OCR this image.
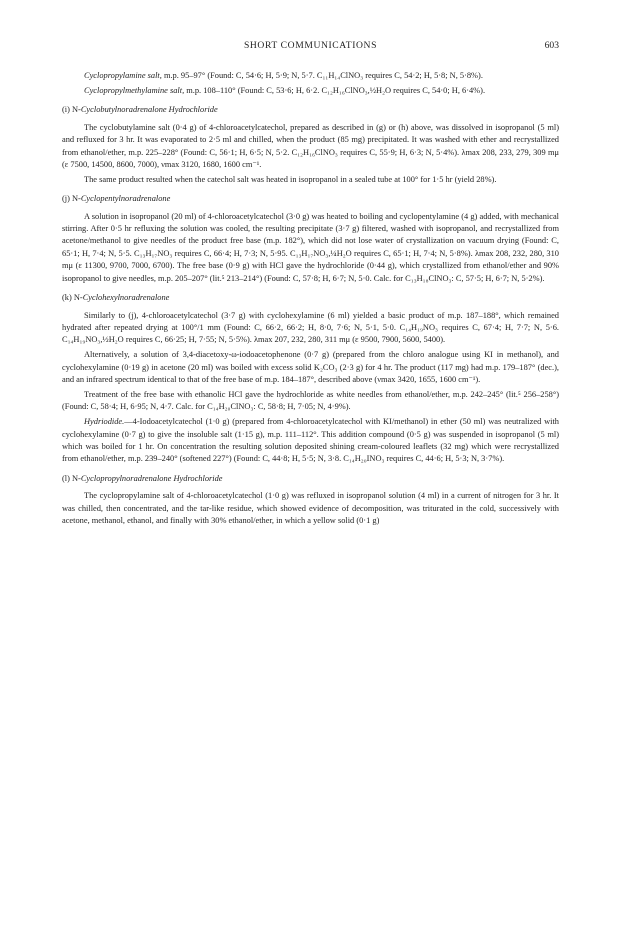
SHORT COMMUNICATIONS	603

Cyclopropylamine salt, m.p. 95–97° (Found: C, 54·6; H, 5·9; N, 5·7. C₁₁H₁₄ClNO₃ requires C, 54·2; H, 5·8; N, 5·8%).

Cyclopropylmethylamine salt, m.p. 108–110° (Found: C, 53·6; H, 6·2. C₁₂H₁₆ClNO₃,½H₂O requires C, 54·0; H, 6·4%).

(i) N-Cyclobutylnoradrenalone Hydrochloride

The cyclobutylamine salt (0·4 g) of 4-chloroacetylcatechol, prepared as described in (g) or (h) above, was dissolved in isopropanol (5 ml) and refluxed for 3 hr. It was evaporated to 2·5 ml and chilled, when the product (85 mg) precipitated. It was washed with ether and recrystallized from ethanol/ether, m.p. 225–228° (Found: C, 56·1; H, 6·5; N, 5·2. C₁₂H₁₆ClNO₃ requires C, 55·9; H, 6·3; N, 5·4%). λmax 208, 233, 279, 309 mμ (ε 7500, 14500, 8600, 7000), νmax 3120, 1680, 1600 cm⁻¹.

The same product resulted when the catechol salt was heated in isopropanol in a sealed tube at 100° for 1·5 hr (yield 28%).

(j) N-Cyclopentylnoradrenalone

A solution in isopropanol (20 ml) of 4-chloroacetylcatechol (3·0 g) was heated to boiling and cyclopentylamine (4 g) added, with mechanical stirring. After 0·5 hr refluxing the solution was cooled, the resulting precipitate (3·7 g) filtered, washed with isopropanol, and recrystallized from acetone/methanol to give needles of the product free base (m.p. 182°), which did not lose water of crystallization on vacuum drying (Found: C, 65·1; H, 7·4; N, 5·5. C₁₃H₁₇NO₃ requires C, 66·4; H, 7·3; N, 5·95. C₁₃H₁₇NO₃,¼H₂O requires C, 65·1; H, 7·4; N, 5·8%). λmax 208, 232, 280, 310 mμ (ε 11300, 9700, 7000, 6700). The free base (0·9 g) with HCl gave the hydrochloride (0·44 g), which crystallized from ethanol/ether and 90% isopropanol to give needles, m.p. 205–207° (lit.⁵ 213–214°) (Found: C, 57·8; H, 6·7; N, 5·0. Calc. for C₁₃H₁₈ClNO₃: C, 57·5; H, 6·7; N, 5·2%).

(k) N-Cyclohexylnoradrenalone

Similarly to (j), 4-chloroacetylcatechol (3·7 g) with cyclohexylamine (6 ml) yielded a basic product of m.p. 187–188°, which remained hydrated after repeated drying at 100°/1 mm (Found: C, 66·2, 66·2; H, 8·0, 7·6; N, 5·1, 5·0. C₁₄H₁₉NO₃ requires C, 67·4; H, 7·7; N, 5·6. C₁₄H₁₉NO₃,½H₂O requires C, 66·25; H, 7·55; N, 5·5%). λmax 207, 232, 280, 311 mμ (ε 9500, 7900, 5600, 5400).

Alternatively, a solution of 3,4-diacetoxy-ω-iodoacetophenone (0·7 g) (prepared from the chloro analogue using KI in methanol), and cyclohexylamine (0·19 g) in acetone (20 ml) was boiled with excess solid K₂CO₃ (2·3 g) for 4 hr. The product (117 mg) had m.p. 179–187° (dec.), and an infrared spectrum identical to that of the free base of m.p. 184–187°, described above (νmax 3420, 1655, 1600 cm⁻¹).

Treatment of the free base with ethanolic HCl gave the hydrochloride as white needles from ethanol/ether, m.p. 242–245° (lit.⁵ 256–258°) (Found: C, 58·4; H, 6·95; N, 4·7. Calc. for C₁₄H₂₀ClNO₃: C, 58·8; H, 7·05; N, 4·9%).

Hydriodide.—4-Iodoacetylcatechol (1·0 g) (prepared from 4-chloroacetylcatechol with KI/methanol) in ether (50 ml) was neutralized with cyclohexylamine (0·7 g) to give the insoluble salt (1·15 g), m.p. 111–112°. This addition compound (0·5 g) was suspended in isopropanol (5 ml) which was boiled for 1 hr. On concentration the resulting solution deposited shining cream-coloured leaflets (32 mg) which were recrystallized from ethanol/ether, m.p. 239–240° (softened 227°) (Found: C, 44·8; H, 5·5; N, 3·8. C₁₄H₂₀INO₃ requires C, 44·6; H, 5·3; N, 3·7%).

(l) N-Cyclopropylnoradrenalone Hydrochloride

The cyclopropylamine salt of 4-chloroacetylcatechol (1·0 g) was refluxed in isopropanol solution (4 ml) in a current of nitrogen for 3 hr. It was chilled, then concentrated, and the tar-like residue, which showed evidence of decomposition, was triturated in the cold, successively with acetone, methanol, ethanol, and finally with 30% ethanol/ether, in which a yellow solid (0·1 g)
